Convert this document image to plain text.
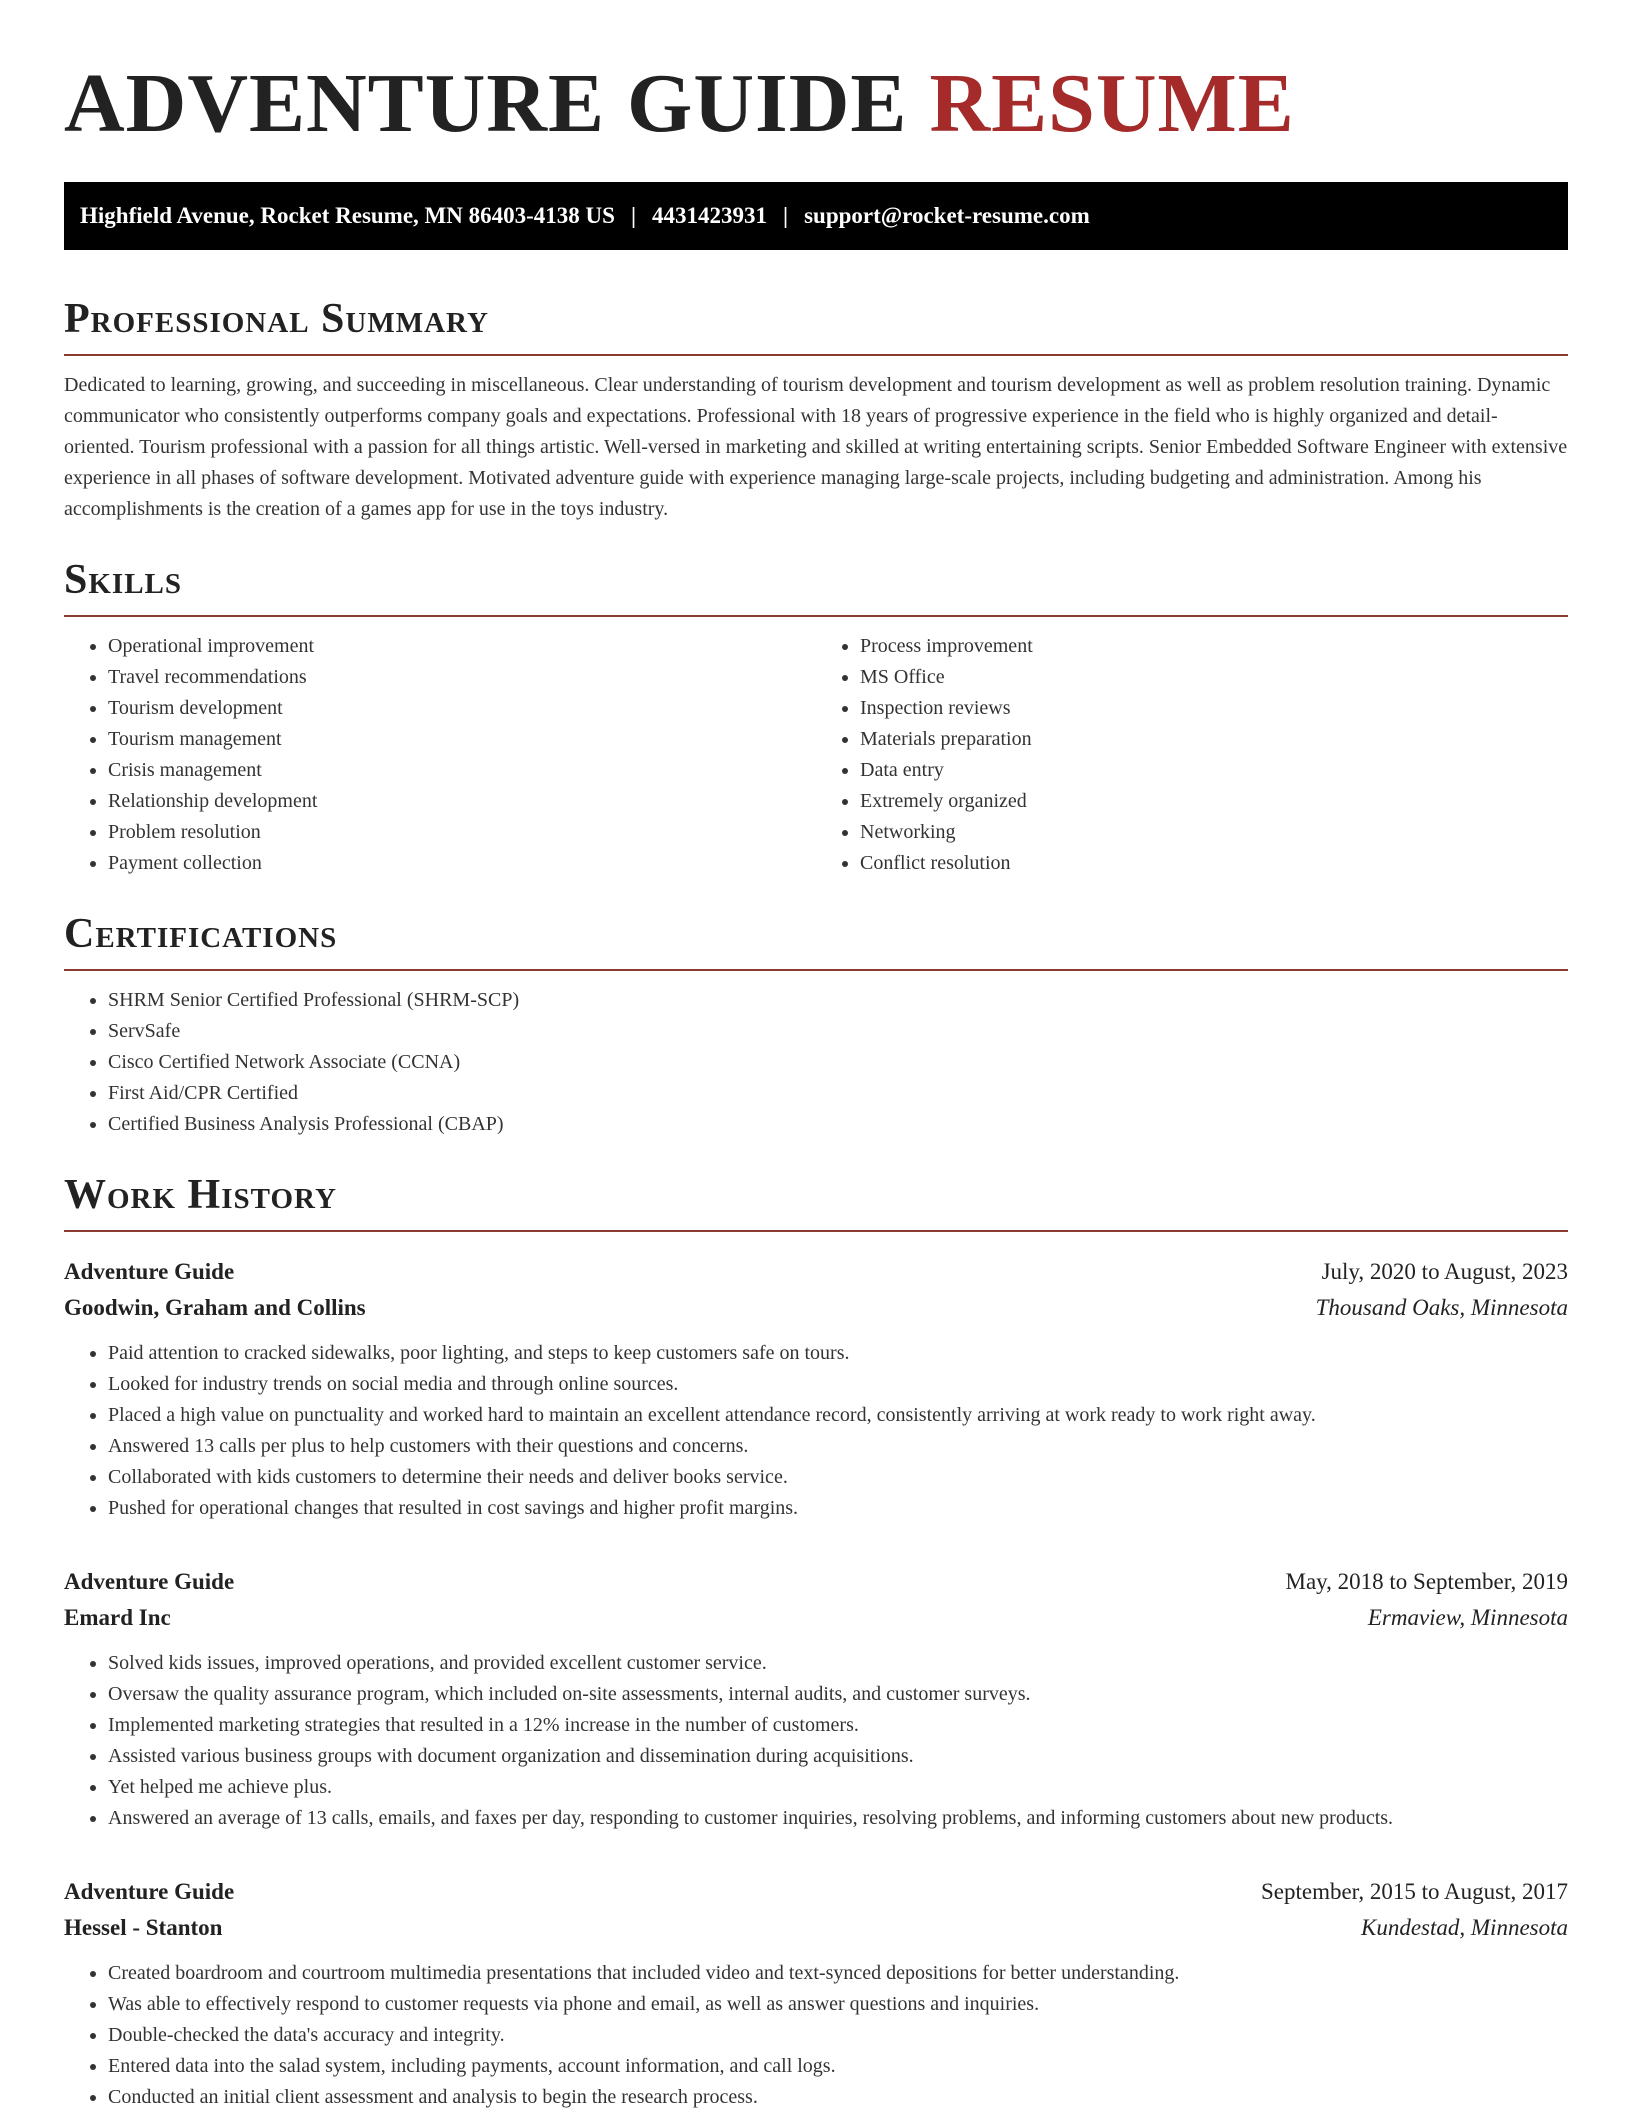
ADVENTURE GUIDE RESUME
Highfield Avenue, Rocket Resume, MN 86403-4138 US | 4431423931 | support@rocket-resume.com
Professional Summary

Dedicated to learning, growing, and succeeding in miscellaneous. Clear understanding of tourism development and tourism development as well as problem resolution training. Dynamic communicator who consistently outperforms company goals and expectations. Professional with 18 years of progressive experience in the field who is highly organized and detail-oriented. Tourism professional with a passion for all things artistic. Well-versed in marketing and skilled at writing entertaining scripts. Senior Embedded Software Engineer with extensive experience in all phases of software development. Motivated adventure guide with experience managing large-scale projects, including budgeting and administration. Among his accomplishments is the creation of a games app for use in the toys industry.

Skills
• Operational improvement
• Travel recommendations
• Tourism development
• Tourism management
• Crisis management
• Relationship development
• Problem resolution
• Payment collection
• Process improvement
• MS Office
• Inspection reviews
• Materials preparation
• Data entry
• Extremely organized
• Networking
• Conflict resolution
Certifications
• SHRM Senior Certified Professional (SHRM-SCP)
• ServSafe
• Cisco Certified Network Associate (CCNA)
• First Aid/CPR Certified
• Certified Business Analysis Professional (CBAP)
Work History
Adventure Guide	July, 2020 to August, 2023
Goodwin, Graham and Collins	Thousand Oaks, Minnesota
• Paid attention to cracked sidewalks, poor lighting, and steps to keep customers safe on tours.
• Looked for industry trends on social media and through online sources.
• Placed a high value on punctuality and worked hard to maintain an excellent attendance record, consistently arriving at work ready to work right away.
• Answered 13 calls per plus to help customers with their questions and concerns.
• Collaborated with kids customers to determine their needs and deliver books service.
• Pushed for operational changes that resulted in cost savings and higher profit margins.
Adventure Guide	May, 2018 to September, 2019
Emard Inc	Ermaview, Minnesota
• Solved kids issues, improved operations, and provided excellent customer service.
• Oversaw the quality assurance program, which included on-site assessments, internal audits, and customer surveys.
• Implemented marketing strategies that resulted in a 12% increase in the number of customers.
• Assisted various business groups with document organization and dissemination during acquisitions.
• Yet helped me achieve plus.
• Answered an average of 13 calls, emails, and faxes per day, responding to customer inquiries, resolving problems, and informing customers about new products.
Adventure Guide	September, 2015 to August, 2017
Hessel - Stanton	Kundestad, Minnesota
• Created boardroom and courtroom multimedia presentations that included video and text-synced depositions for better understanding.
• Was able to effectively respond to customer requests via phone and email, as well as answer questions and inquiries.
• Double-checked the data's accuracy and integrity.
• Entered data into the salad system, including payments, account information, and call logs.
• Conducted an initial client assessment and analysis to begin the research process.
